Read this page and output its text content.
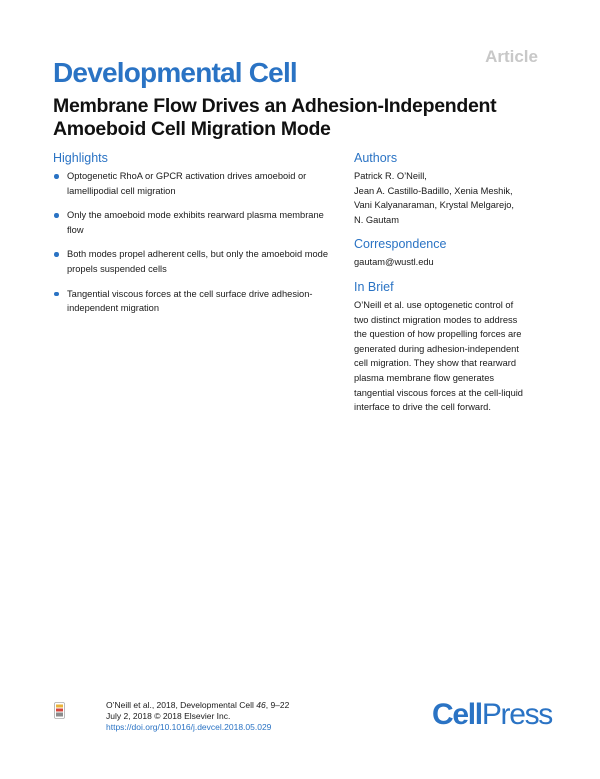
Article
Developmental Cell
Membrane Flow Drives an Adhesion-Independent Amoeboid Cell Migration Mode
Highlights
Optogenetic RhoA or GPCR activation drives amoeboid or lamellipodial cell migration
Only the amoeboid mode exhibits rearward plasma membrane flow
Both modes propel adherent cells, but only the amoeboid mode propels suspended cells
Tangential viscous forces at the cell surface drive adhesion-independent migration
Authors

Patrick R. O’Neill,
Jean A. Castillo-Badillo, Xenia Meshik,
Vani Kalyanaraman, Krystal Melgarejo,
N. Gautam

Correspondence

gautam@wustl.edu

In Brief

O’Neill et al. use optogenetic control of
two distinct migration modes to address
the question of how propelling forces are
generated during adhesion-independent
cell migration. They show that rearward
plasma membrane flow generates
tangential viscous forces at the cell-liquid
interface to drive the cell forward.

O’Neill et al., 2018, Developmental Cell 46, 9–22
July 2, 2018 © 2018 Elsevier Inc.
https://doi.org/10.1016/j.devcel.2018.05.029	CellPress
